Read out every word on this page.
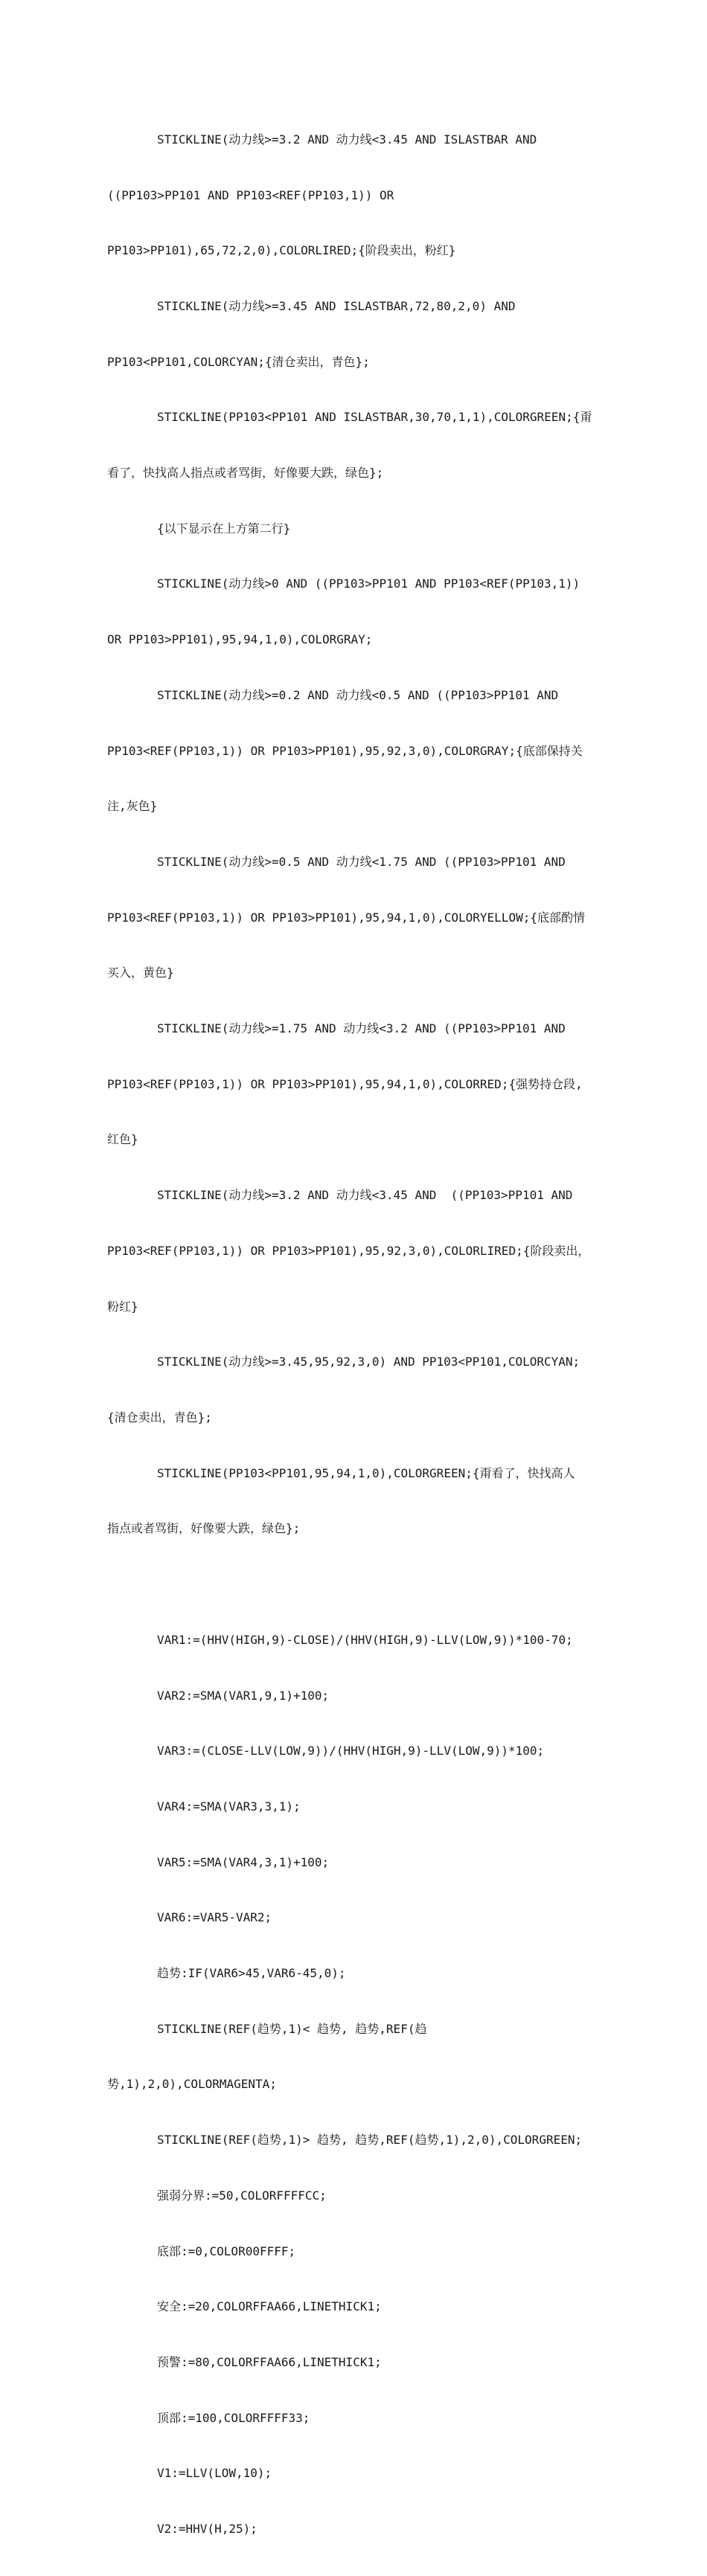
STICKLINE(动力线>=3.2 AND 动力线<3.45 AND ISLASTBAR AND

((PP103>PP101 AND PP103<REF(PP103,1)) OR

PP103>PP101),65,72,2,0),COLORLIRED;{阶段卖出，粉红}

STICKLINE(动力线>=3.45 AND ISLASTBAR,72,80,2,0) AND

PP103<PP101,COLORCYAN;{清仓卖出，青色};

STICKLINE(PP103<PP101 AND ISLASTBAR,30,70,1,1),COLORGREEN;{甭

看了，快找高人指点或者骂街，好像要大跌，绿色};

{以下显示在上方第二行}

STICKLINE(动力线>0 AND ((PP103>PP101 AND PP103<REF(PP103,1))

OR PP103>PP101),95,94,1,0),COLORGRAY;

STICKLINE(动力线>=0.2 AND 动力线<0.5 AND ((PP103>PP101 AND

PP103<REF(PP103,1)) OR PP103>PP101),95,92,3,0),COLORGRAY;{底部保持关

注,灰色}

STICKLINE(动力线>=0.5 AND 动力线<1.75 AND ((PP103>PP101 AND

PP103<REF(PP103,1)) OR PP103>PP101),95,94,1,0),COLORYELLOW;{底部酌情

买入，黄色}

STICKLINE(动力线>=1.75 AND 动力线<3.2 AND ((PP103>PP101 AND

PP103<REF(PP103,1)) OR PP103>PP101),95,94,1,0),COLORRED;{强势持仓段,

红色}

STICKLINE(动力线>=3.2 AND 动力线<3.45 AND  ((PP103>PP101 AND

PP103<REF(PP103,1)) OR PP103>PP101),95,92,3,0),COLORLIRED;{阶段卖出，

粉红}

STICKLINE(动力线>=3.45,95,92,3,0) AND PP103<PP101,COLORCYAN;

{清仓卖出，青色};

STICKLINE(PP103<PP101,95,94,1,0),COLORGREEN;{甭看了，快找高人

指点或者骂街，好像要大跌，绿色};

VAR1:=(HHV(HIGH,9)-CLOSE)/(HHV(HIGH,9)-LLV(LOW,9))*100-70;

VAR2:=SMA(VAR1,9,1)+100;

VAR3:=(CLOSE-LLV(LOW,9))/(HHV(HIGH,9)-LLV(LOW,9))*100;

VAR4:=SMA(VAR3,3,1);

VAR5:=SMA(VAR4,3,1)+100;

VAR6:=VAR5-VAR2;

趋势:IF(VAR6>45,VAR6-45,0);

STICKLINE(REF(趋势,1)< 趋势, 趋势,REF(趋

势,1),2,0),COLORMAGENTA;

STICKLINE(REF(趋势,1)> 趋势, 趋势,REF(趋势,1),2,0),COLORGREEN;

强弱分界:=50,COLORFFFFCC;

底部:=0,COLOR00FFFF;

安全:=20,COLORFFAA66,LINETHICK1;

预警:=80,COLORFFAA66,LINETHICK1;

顶部:=100,COLORFFFF33;

V1:=LLV(LOW,10);

V2:=HHV(H,25);
